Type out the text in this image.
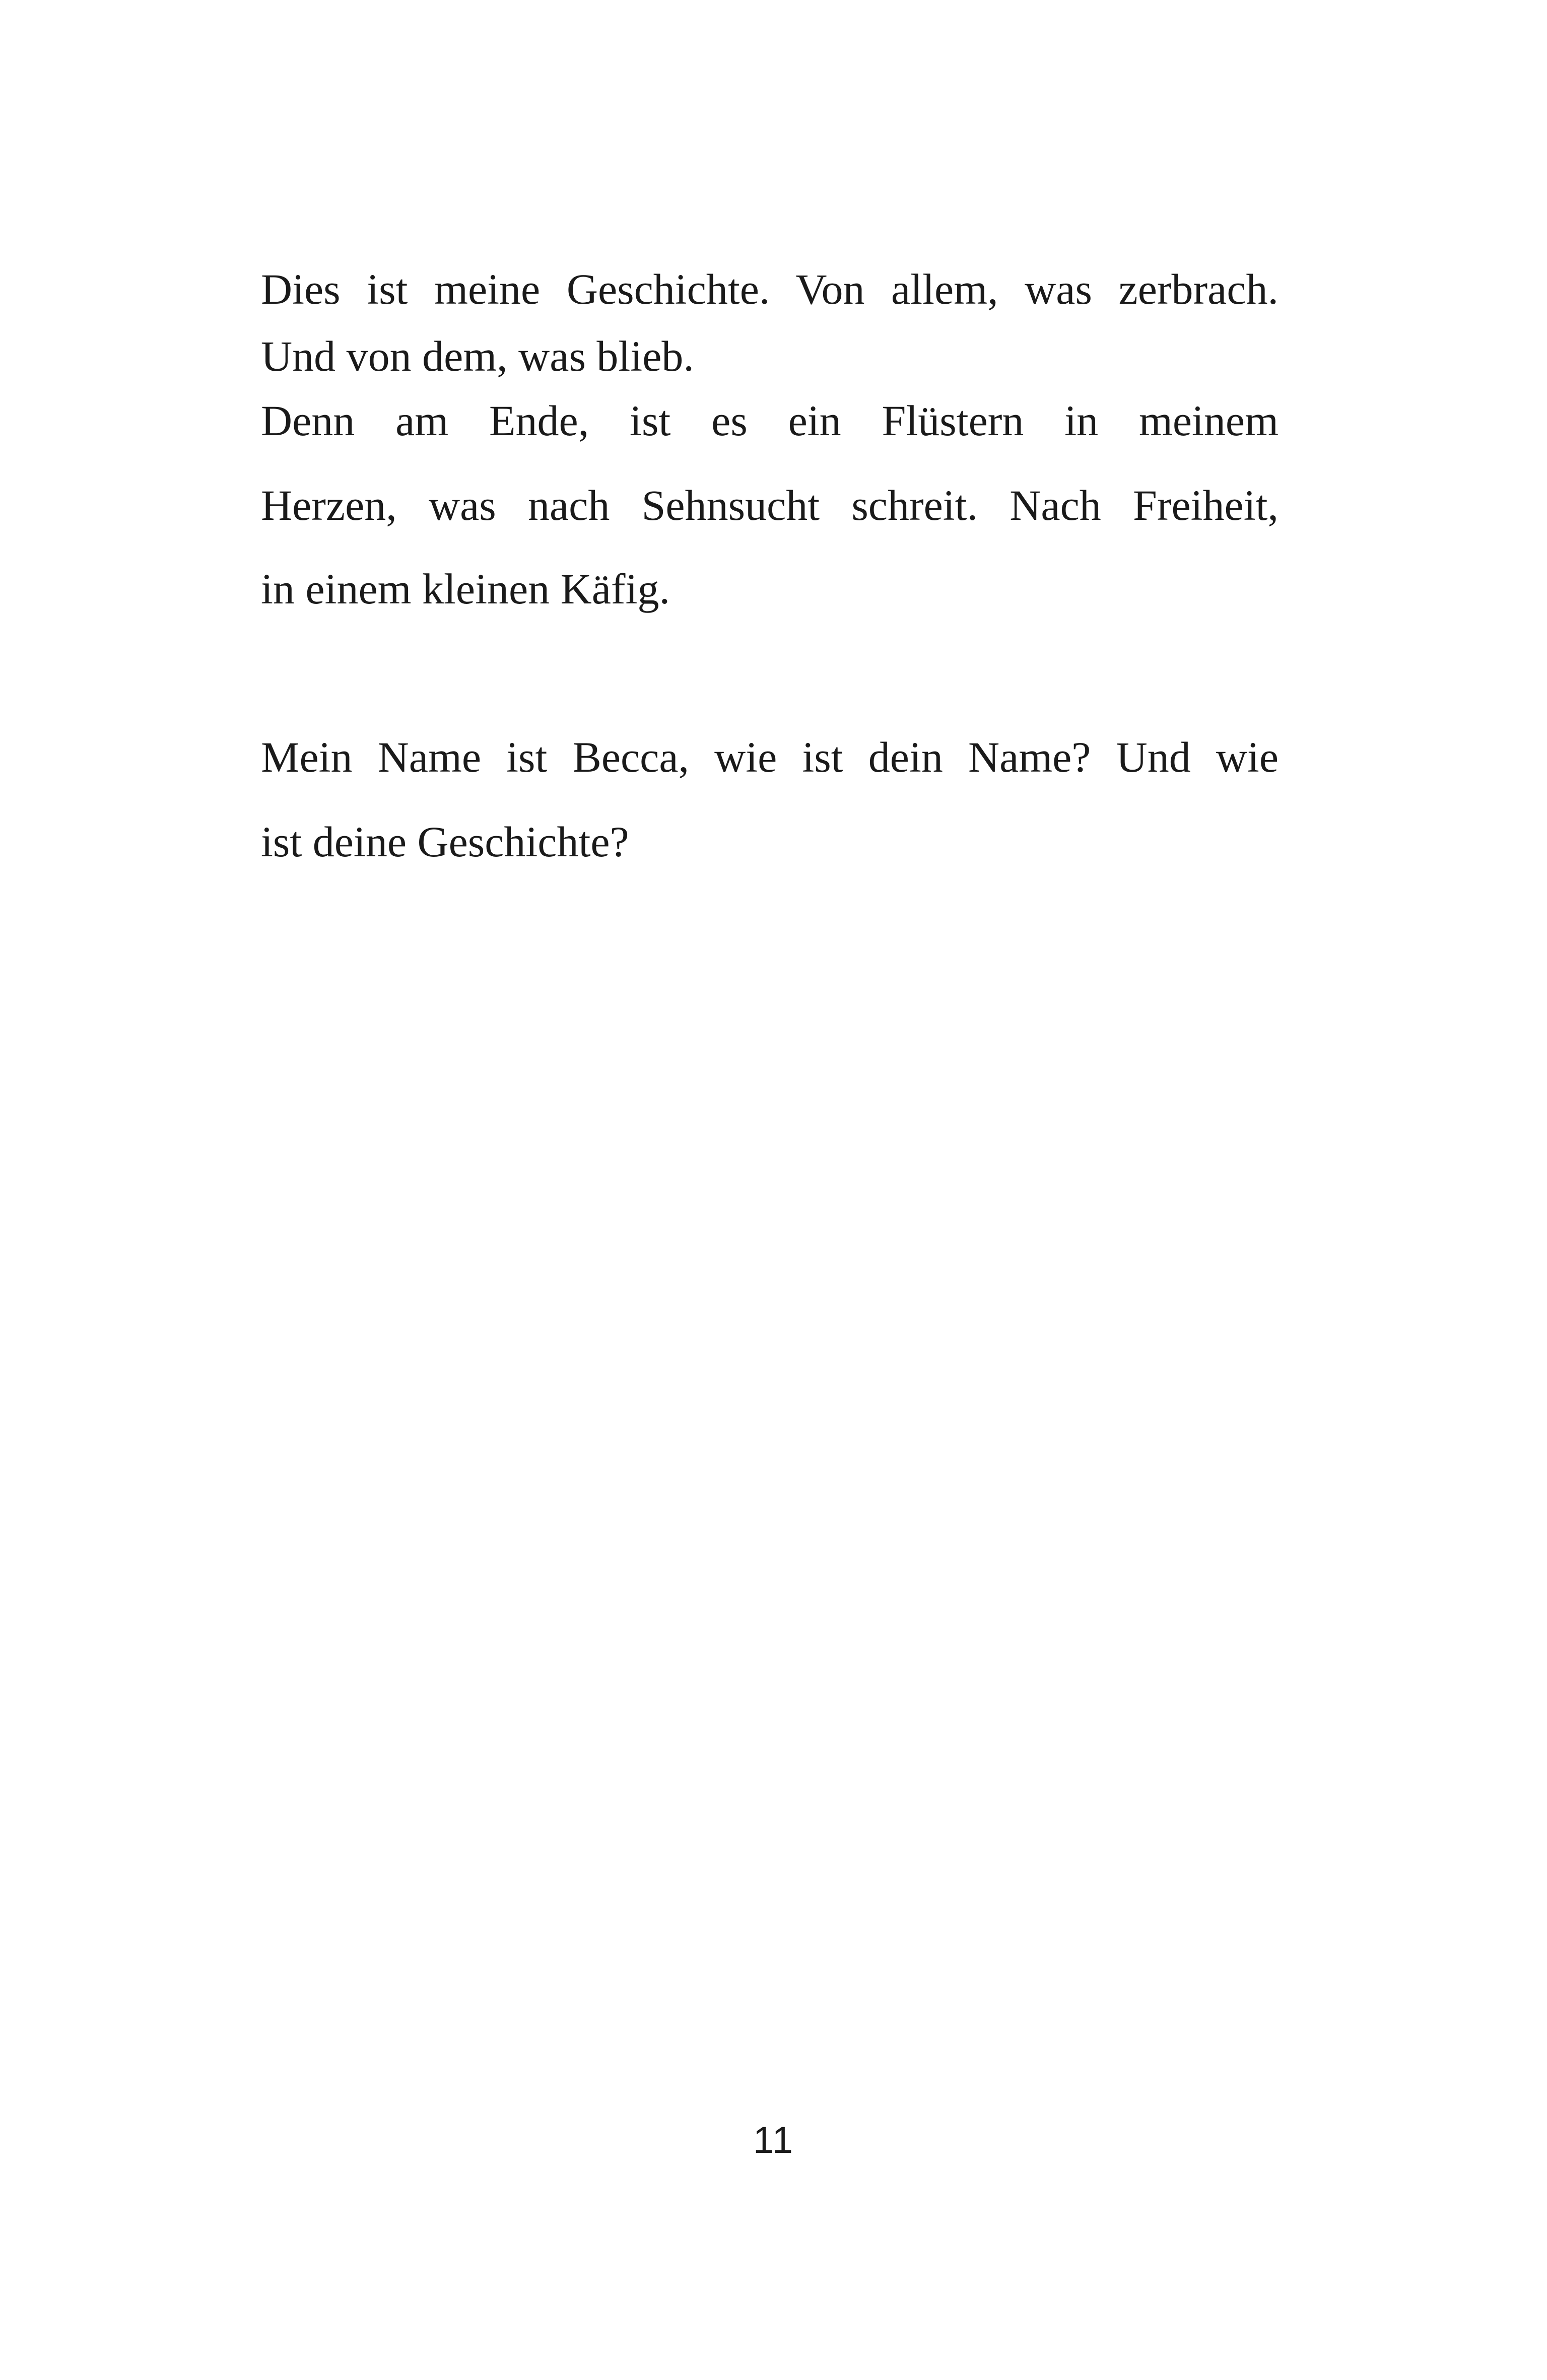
Dies ist meine Geschichte. Von allem, was zerbrach.

Und von dem, was blieb.

Denn am Ende, ist es ein Flüstern in meinem

Herzen, was nach Sehnsucht schreit. Nach Freiheit,

in einem kleinen Käfig.

Mein Name ist Becca, wie ist dein Name? Und wie

ist deine Geschichte?

11
